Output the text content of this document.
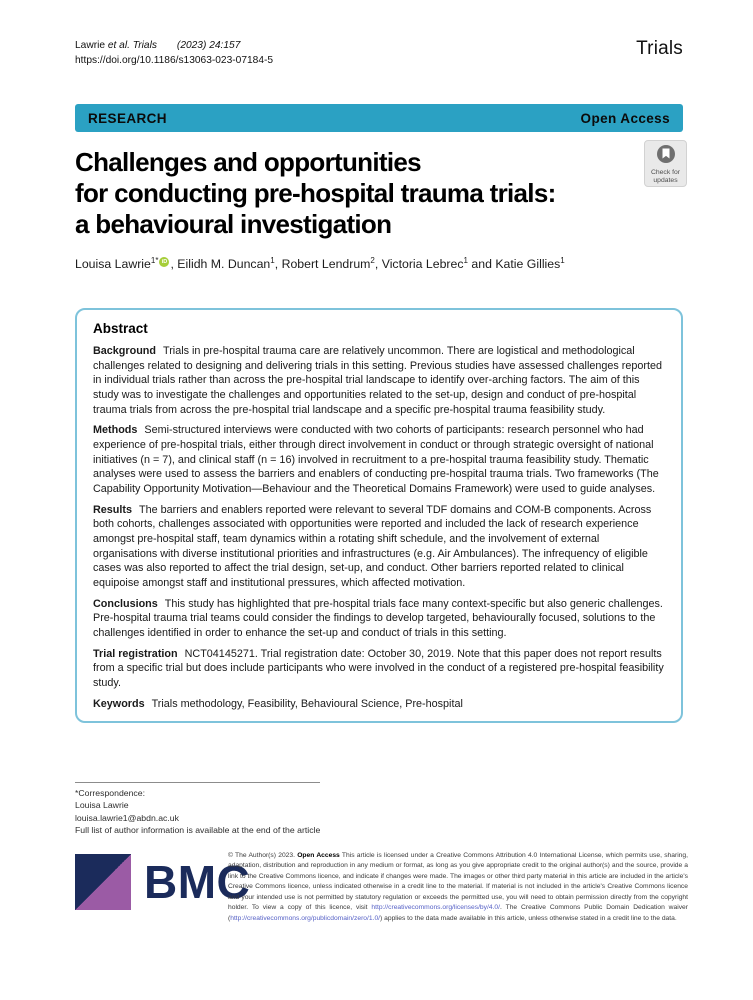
Lawrie et al. Trials (2023) 24:157
https://doi.org/10.1186/s13063-023-07184-5
Trials
RESEARCH	Open Access
Check for
updates
Challenges and opportunities
for conducting pre-hospital trauma trials:
a behavioural investigation
Louisa Lawrie$^{1*}$ iD , Eilidh M. Duncan$^1$, Robert Lendrum$^2$, Victoria Lebrec$^1$ and Katie Gillies$^1$
Abstract

Background Trials in pre-hospital trauma care are relatively uncommon. There are logistical and methodological challenges related to designing and delivering trials in this setting. Previous studies have assessed challenges reported in individual trials rather than across the pre-hospital trial landscape to identify over-arching factors. The aim of this study was to investigate the challenges and opportunities related to the set-up, design and conduct of pre-hospital trauma trials from across the pre-hospital trial landscape and a specific pre-hospital trauma feasibility study.

Methods Semi-structured interviews were conducted with two cohorts of participants: research personnel who had experience of pre-hospital trials, either through direct involvement in conduct or through strategic oversight of national initiatives (n = 7), and clinical staff (n = 16) involved in recruitment to a pre-hospital trauma feasibility study. Thematic analyses were used to assess the barriers and enablers of conducting pre-hospital trauma trials. Two frameworks (The Capability Opportunity Motivation—Behaviour and the Theoretical Domains Framework) were used to guide analyses.

Results The barriers and enablers reported were relevant to several TDF domains and COM-B components. Across both cohorts, challenges associated with opportunities were reported and included the lack of research experience amongst pre-hospital staff, team dynamics within a rotating shift schedule, and the involvement of external organisations with diverse institutional priorities and infrastructures (e.g. Air Ambulances). The infrequency of eligible cases was also reported to affect the trial design, set-up, and conduct. Other barriers reported related to clinical equipoise amongst staff and institutional pressures, which affected motivation.

Conclusions This study has highlighted that pre-hospital trials face many context-specific but also generic challenges. Pre-hospital trauma trial teams could consider the findings to develop targeted, behaviourally focused, solutions to the challenges identified in order to enhance the set-up and conduct of trials in this setting.

Trial registration NCT04145271. Trial registration date: October 30, 2019. Note that this paper does not report results from a specific trial but does include participants who were involved in the conduct of a registered pre-hospital feasibility study.

Keywords Trials methodology, Feasibility, Behavioural Science, Pre-hospital

*Correspondence:
Louisa Lawrie
louisa.lawrie1@abdn.ac.uk
Full list of author information is available at the end of the article
BMC
© The Author(s) 2023. Open Access This article is licensed under a Creative Commons Attribution 4.0 International License, which permits use, sharing, adaptation, distribution and reproduction in any medium or format, as long as you give appropriate credit to the original author(s) and the source, provide a link to the Creative Commons licence, and indicate if changes were made. The images or other third party material in this article are included in the article's Creative Commons licence, unless indicated otherwise in a credit line to the material. If material is not included in the article's Creative Commons licence and your intended use is not permitted by statutory regulation or exceeds the permitted use, you will need to obtain permission directly from the copyright holder. To view a copy of this licence, visit http://creativecommons.org/licenses/by/4.0/. The Creative Commons Public Domain Dedication waiver (http://creativecommons.org/publicdomain/zero/1.0/) applies to the data made available in this article, unless otherwise stated in a credit line to the data.
